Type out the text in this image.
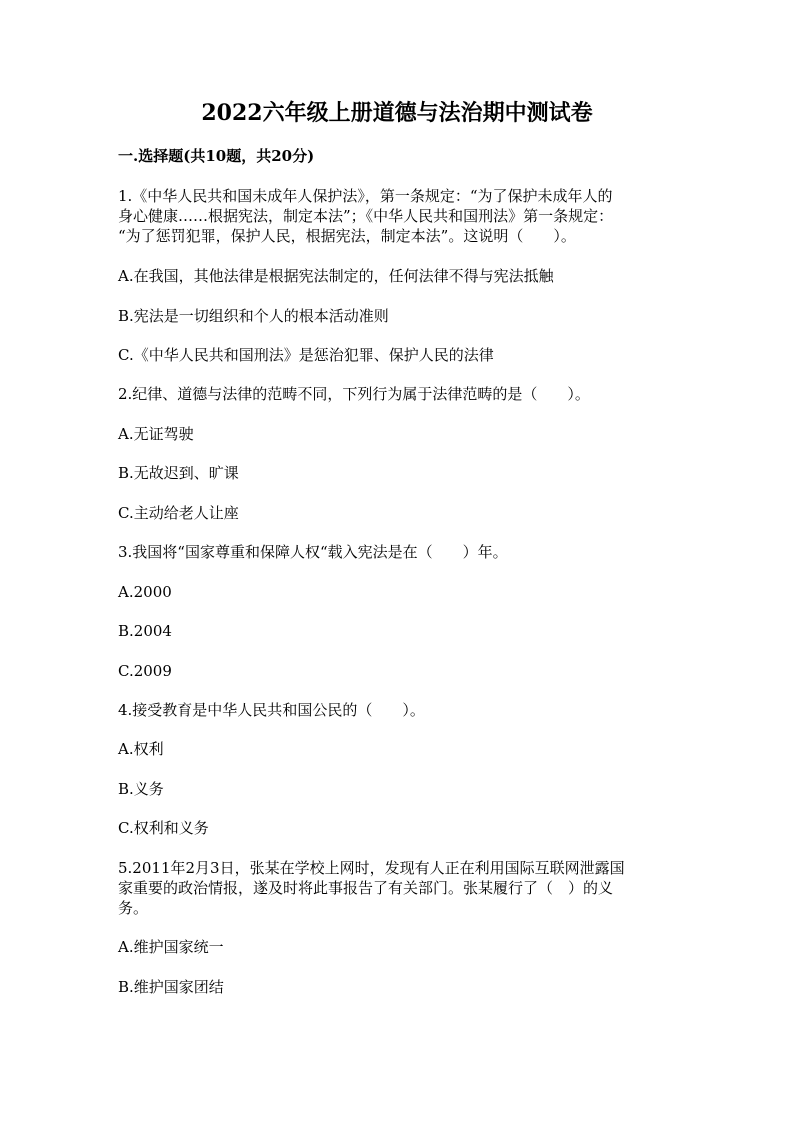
2022六年级上册道德与法治期中测试卷
一.选择题(共10题，共20分)
1.《中华人民共和国未成年人保护法》，第一条规定：“为了保护未成年人的
身心健康……根据宪法，制定本法”；《中华人民共和国刑法》第一条规定：
“为了惩罚犯罪，保护人民，根据宪法，制定本法”。这说明（　　）。
A.在我国，其他法律是根据宪法制定的，任何法律不得与宪法抵触
B.宪法是一切组织和个人的根本活动准则
C.《中华人民共和国刑法》是惩治犯罪、保护人民的法律
2.纪律、道德与法律的范畴不同，下列行为属于法律范畴的是（　　）。
A.无证驾驶
B.无故迟到、旷课
C.主动给老人让座
3.我国将“国家尊重和保障人权“载入宪法是在（　　）年。
A.2000
B.2004
C.2009
4.接受教育是中华人民共和国公民的（　　）。
A.权利
B.义务
C.权利和义务
5.2011年2月3日，张某在学校上网时，发现有人正在利用国际互联网泄露国
家重要的政治情报，遂及时将此事报告了有关部门。张某履行了（　）的义
务。
A.维护国家统一
B.维护国家团结
